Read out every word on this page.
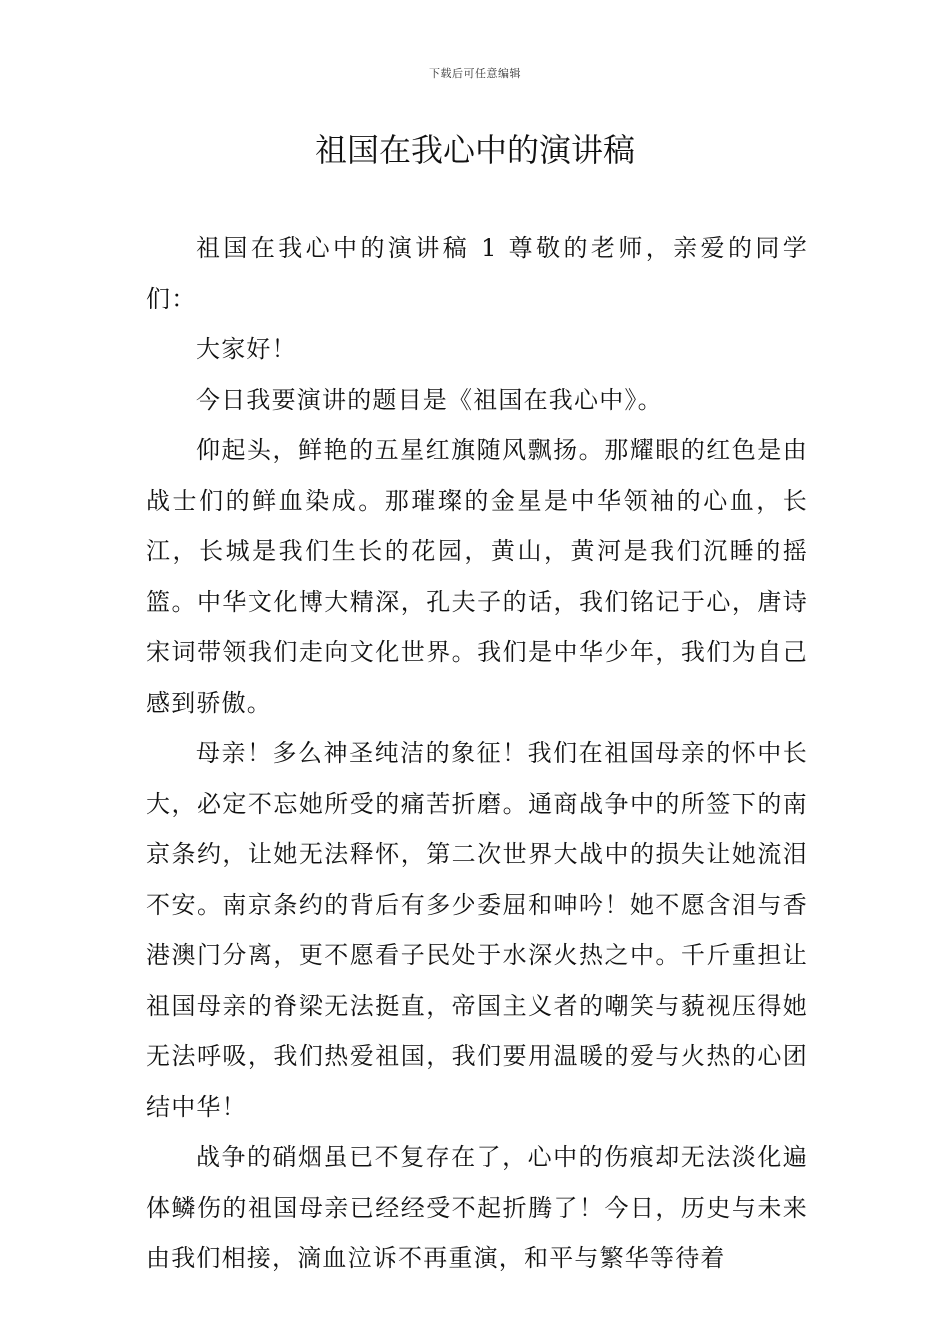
下载后可任意编辑
祖国在我心中的演讲稿

祖国在我心中的演讲稿 1 尊敬的老师，亲爱的同学们：

大家好！

今日我要演讲的题目是《祖国在我心中》。

仰起头，鲜艳的五星红旗随风飘扬。那耀眼的红色是由战士们的鲜血染成。那璀璨的金星是中华领袖的心血，长江，长城是我们生长的花园，黄山，黄河是我们沉睡的摇篮。中华文化博大精深，孔夫子的话，我们铭记于心，唐诗宋词带领我们走向文化世界。我们是中华少年，我们为自己感到骄傲。

母亲！多么神圣纯洁的象征！我们在祖国母亲的怀中长大，必定不忘她所受的痛苦折磨。通商战争中的所签下的南京条约，让她无法释怀，第二次世界大战中的损失让她流泪不安。南京条约的背后有多少委屈和呻吟！她不愿含泪与香港澳门分离，更不愿看子民处于水深火热之中。千斤重担让祖国母亲的脊梁无法挺直，帝国主义者的嘲笑与藐视压得她无法呼吸，我们热爱祖国，我们要用温暖的爱与火热的心团结中华！

战争的硝烟虽已不复存在了，心中的伤痕却无法淡化遍体鳞伤的祖国母亲已经经受不起折腾了！今日，历史与未来由我们相接，滴血泣诉不再重演，和平与繁华等待着
